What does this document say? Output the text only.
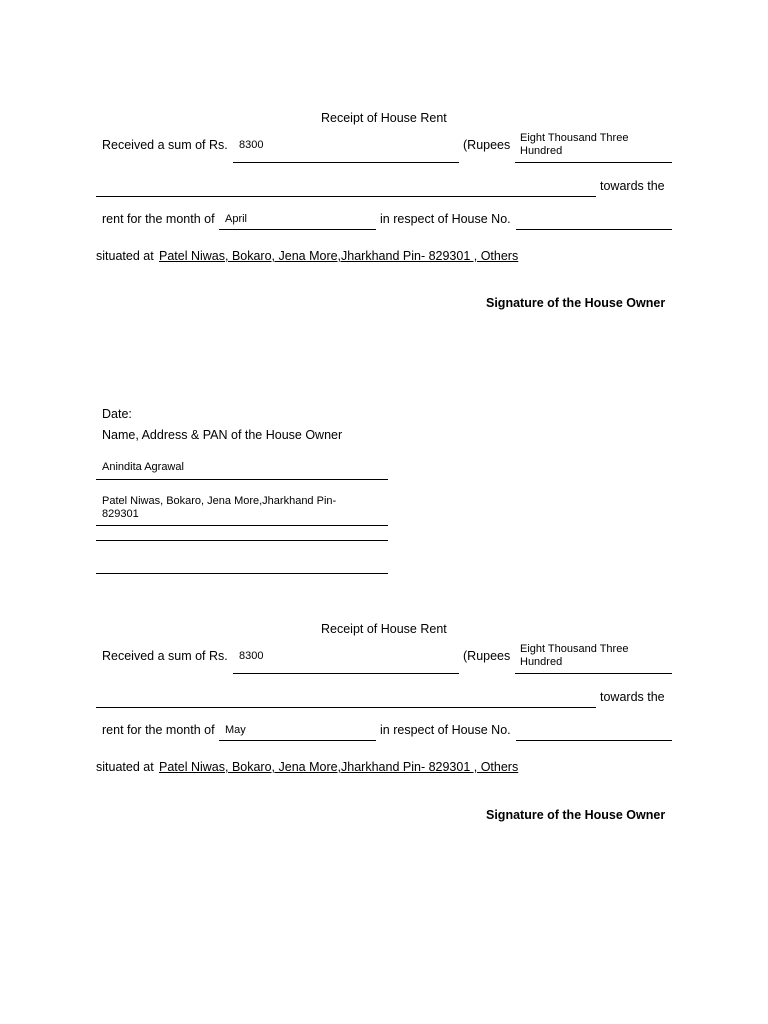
Receipt of House Rent
Received a sum of Rs. 8300	(Rupees Eight Thousand Three Hundred
towards the
rent for the month of April	in respect of House No.
situated at Patel Niwas, Bokaro, Jena More,Jharkhand Pin- 829301 , Others
Signature of the House Owner
Date:
Name, Address & PAN of the House Owner
Anindita Agrawal
Patel Niwas, Bokaro, Jena More,Jharkhand Pin- 829301
Receipt of House Rent
Received a sum of Rs. 8300	(Rupees Eight Thousand Three Hundred
towards the
rent for the month of May	in respect of House No.
situated at Patel Niwas, Bokaro, Jena More,Jharkhand Pin- 829301 , Others
Signature of the House Owner
